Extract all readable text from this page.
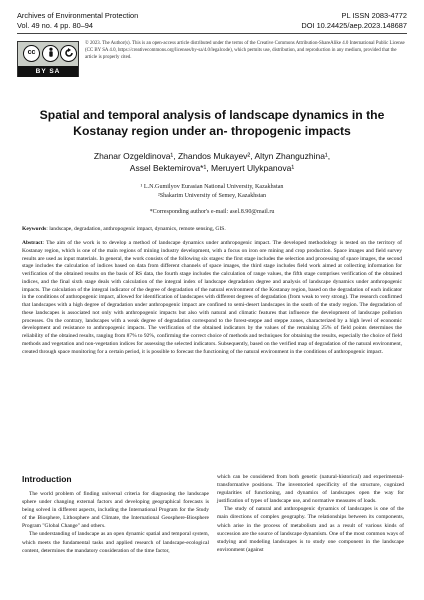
Archives of Environmental Protection
Vol. 49 no. 4 pp. 80–94
PL ISSN 2083-4772
DOI 10.24425/aep.2023.148687
cc
BY SA
© 2023. The Author(s). This is an open-access article distributed under the terms of the Creative Commons Attribution-ShareAlike 4.0 International Public License (CC BY SA 4.0, https://creativecommons.org/licenses/by-sa/4.0/legalcode), which permits use, distribution, and reproduction in any medium, provided that the article is properly cited.
Spatial and temporal analysis of landscape dynamics in the
Kostanay region under an- thropogenic impacts
Zhanar Ozgeldinova¹, Zhandos Mukayev², Altyn Zhanguzhina¹,
Assel Bektemirova*¹, Meruyert Ulykpanova¹
¹ L.N.Gumilyov Eurasian National University, Kazakhstan
²Shakarim University of Semey, Kazakhstan
*Corresponding author's e-mail: asel.8.90@mail.ru
Keywords: landscape, degradation, anthropogenic impact, dynamics, remote sensing, GIS.
Abstract: The aim of the work is to develop a method of landscape dynamics under anthropogenic impact. The developed methodology is tested on the territory of Kostanay region, which is one of the main regions of mining industry development, with a focus on iron ore mining and crop production. Space images and field survey results are used as input materials. In general, the work consists of the following six stages: the first stage includes the selection and processing of space images, the second stage includes the calculation of indices based on data from different channels of space images, the third stage includes field work aimed at collecting information for verification of the obtained results on the basis of RS data, the fourth stage includes the calculation of range values, the fifth stage comprises verification of the obtained indices, and the final sixth stage deals with calculation of the integral index of landscape degradation degree and analysis of landscape dynamics under anthropogenic impacts. The calculation of the integral indicator of the degree of degradation of the natural environment of the Kostanay region, based on the degradation of each indicator in the conditions of anthropogenic impact, allowed for identification of landscapes with different degrees of degradation (from weak to very strong). The research confirmed that landscapes with a high degree of degradation under anthropogenic impact are confined to semi-desert landscapes in the south of the study region. The degradation of these landscapes is associated not only with anthropogenic impacts but also with natural and climatic features that influence the development of landscape pollution processes. On the contrary, landscapes with a weak degree of degradation correspond to the forest-steppe and steppe zones, characterized by a high level of economic development and resistance to anthropogenic impacts. The verification of the obtained indicators by the values of the remaining 25% of field points determines the reliability of the obtained results, ranging from 87% to 92%, confirming the correct choice of methods and techniques for obtaining the results, especially the choice of field methods and vegetation and non-vegetation indices for assessing the selected indicators. Subsequently, based on the verified map of degradation of the natural environment, created through space monitoring for a certain period, it is possible to forecast the functioning of the natural environment in the conditions of anthropogenic impact.
Introduction

The world problem of finding universal criteria for diagnosing the landscape sphere under changing external factors and developing geographical forecasts is being solved in different aspects, including the International Program for the Study of the Biosphere, Lithosphere and Climate, the International Geosphere-Biosphere Program "Global Change" and others.

The understanding of landscape as an open dynamic spatial and temporal system, which meets the fundamental tasks and applied research of landscape-ecological content, determines the mandatory consideration of the time factor,

which can be considered from both genetic (natural-historical) and experimental-transformative positions. The inventoried specificity of the structure, cognized regularities of functioning, and dynamics of landscapes open the way for justification of types of landscape use, and normative measures of loads.

The study of natural and anthropogenic dynamics of landscapes is one of the main directions of complex geography. The relationships between its components, which arise in the process of metabolism and as a result of various kinds of succession are the source of landscape dynamism. One of the most common ways of studying and modeling landscapes is to study one component in the landscape environment (against
